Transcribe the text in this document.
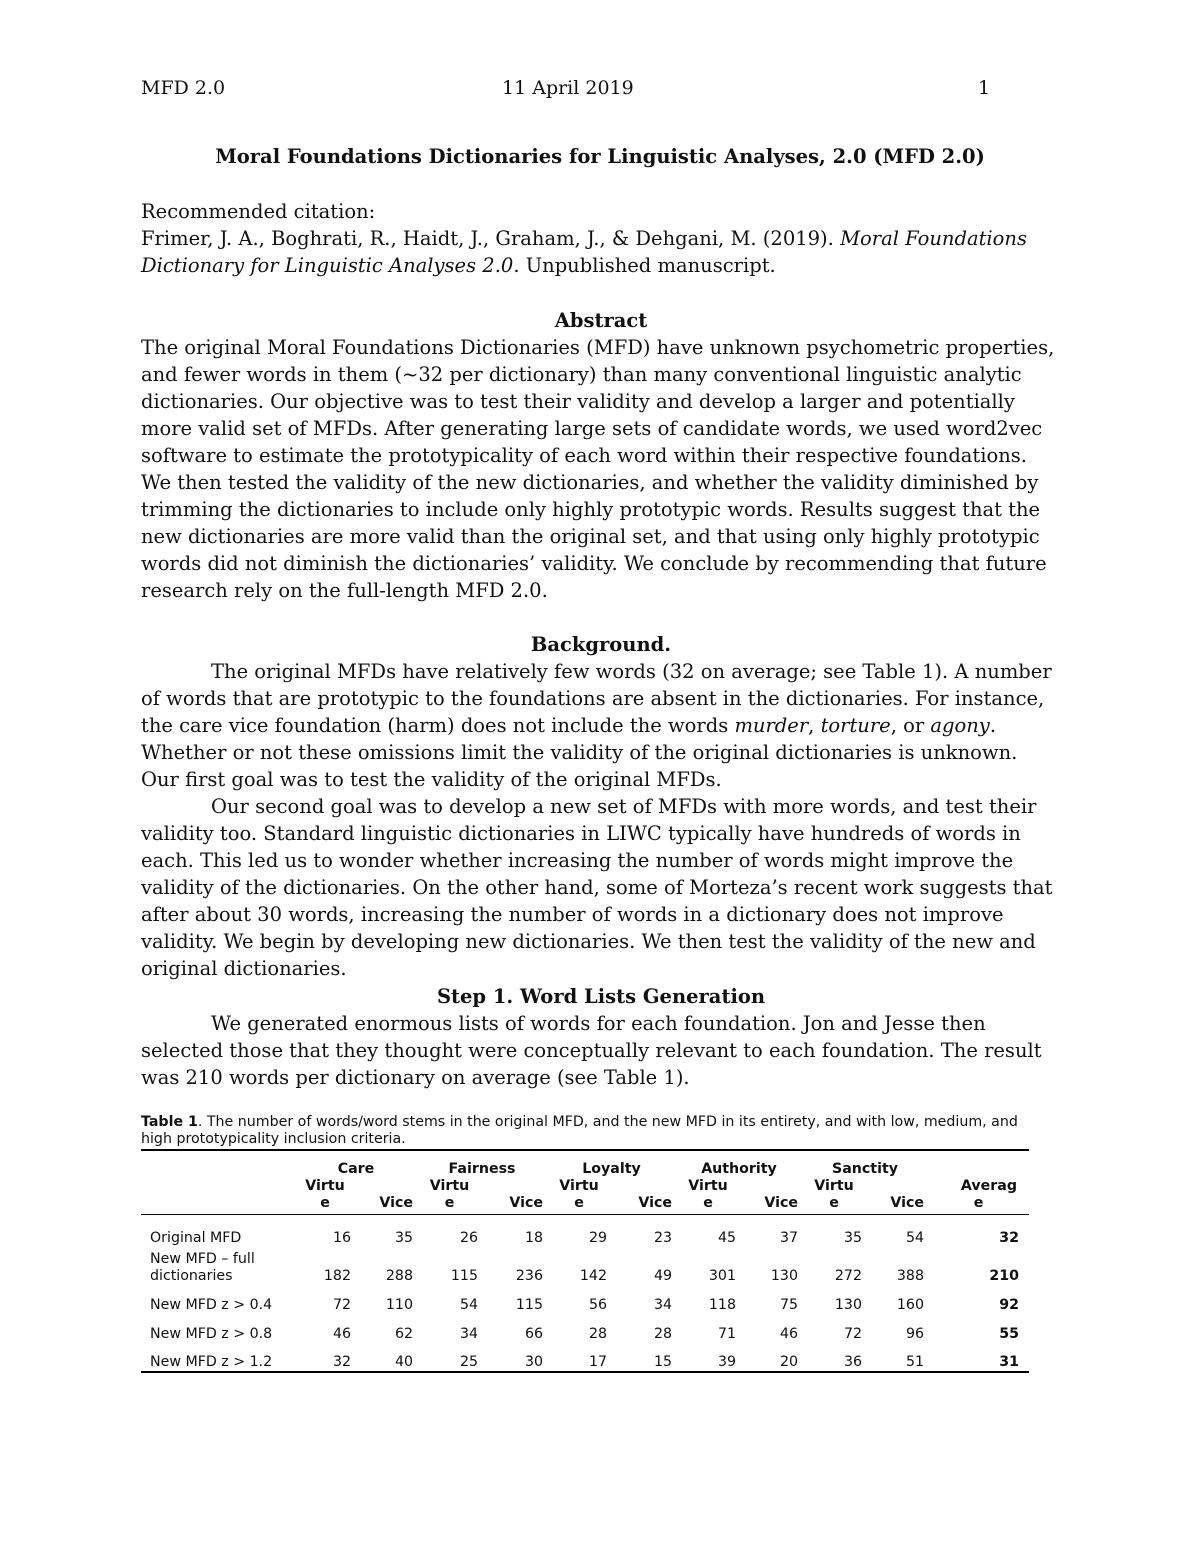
MFD 2.0	11 April 2019	1
Moral Foundations Dictionaries for Linguistic Analyses, 2.0 (MFD 2.0)

Recommended citation:

Frimer, J. A., Boghrati, R., Haidt, J., Graham, J., & Dehgani, M. (2019). Moral Foundations Dictionary for Linguistic Analyses 2.0. Unpublished manuscript.

Abstract

The original Moral Foundations Dictionaries (MFD) have unknown psychometric properties, and fewer words in them (~32 per dictionary) than many conventional linguistic analytic dictionaries. Our objective was to test their validity and develop a larger and potentially more valid set of MFDs. After generating large sets of candidate words, we used word2vec software to estimate the prototypicality of each word within their respective foundations. We then tested the validity of the new dictionaries, and whether the validity diminished by trimming the dictionaries to include only highly prototypic words. Results suggest that the new dictionaries are more valid than the original set, and that using only highly prototypic words did not diminish the dictionaries’ validity. We conclude by recommending that future research rely on the full-length MFD 2.0.

Background.

The original MFDs have relatively few words (32 on average; see Table 1). A number of words that are prototypic to the foundations are absent in the dictionaries. For instance, the care vice foundation (harm) does not include the words murder, torture, or agony. Whether or not these omissions limit the validity of the original dictionaries is unknown. Our first goal was to test the validity of the original MFDs.

Our second goal was to develop a new set of MFDs with more words, and test their validity too. Standard linguistic dictionaries in LIWC typically have hundreds of words in each. This led us to wonder whether increasing the number of words might improve the validity of the dictionaries. On the other hand, some of Morteza’s recent work suggests that after about 30 words, increasing the number of words in a dictionary does not improve validity. We begin by developing new dictionaries. We then test the validity of the new and original dictionaries.

Step 1. Word Lists Generation

We generated enormous lists of words for each foundation. Jon and Jesse then selected those that they thought were conceptually relevant to each foundation. The result was 210 words per dictionary on average (see Table 1).

Table 1. The number of words/word stems in the original MFD, and the new MFD in its entirety, and with low, medium, and high prototypicality inclusion criteria.
	Care		Fairness		Loyalty		Authority		Sanctity		
	Virtu		Virtu		Virtu		Virtu		Virtu		Averag
	e	Vice	e	Vice	e	Vice	e	Vice	e	Vice	e

Original MFD	16	35	26	18	29	23	45	37	35	54	32

New MFD – full
dictionaries	182	288	115	236	142	49	301	130	272	388	210

New MFD z > 0.4	72	110	54	115	56	34	118	75	130	160	92

New MFD z > 0.8	46	62	34	66	28	28	71	46	72	96	55

New MFD z > 1.2	32	40	25	30	17	15	39	20	36	51	31
